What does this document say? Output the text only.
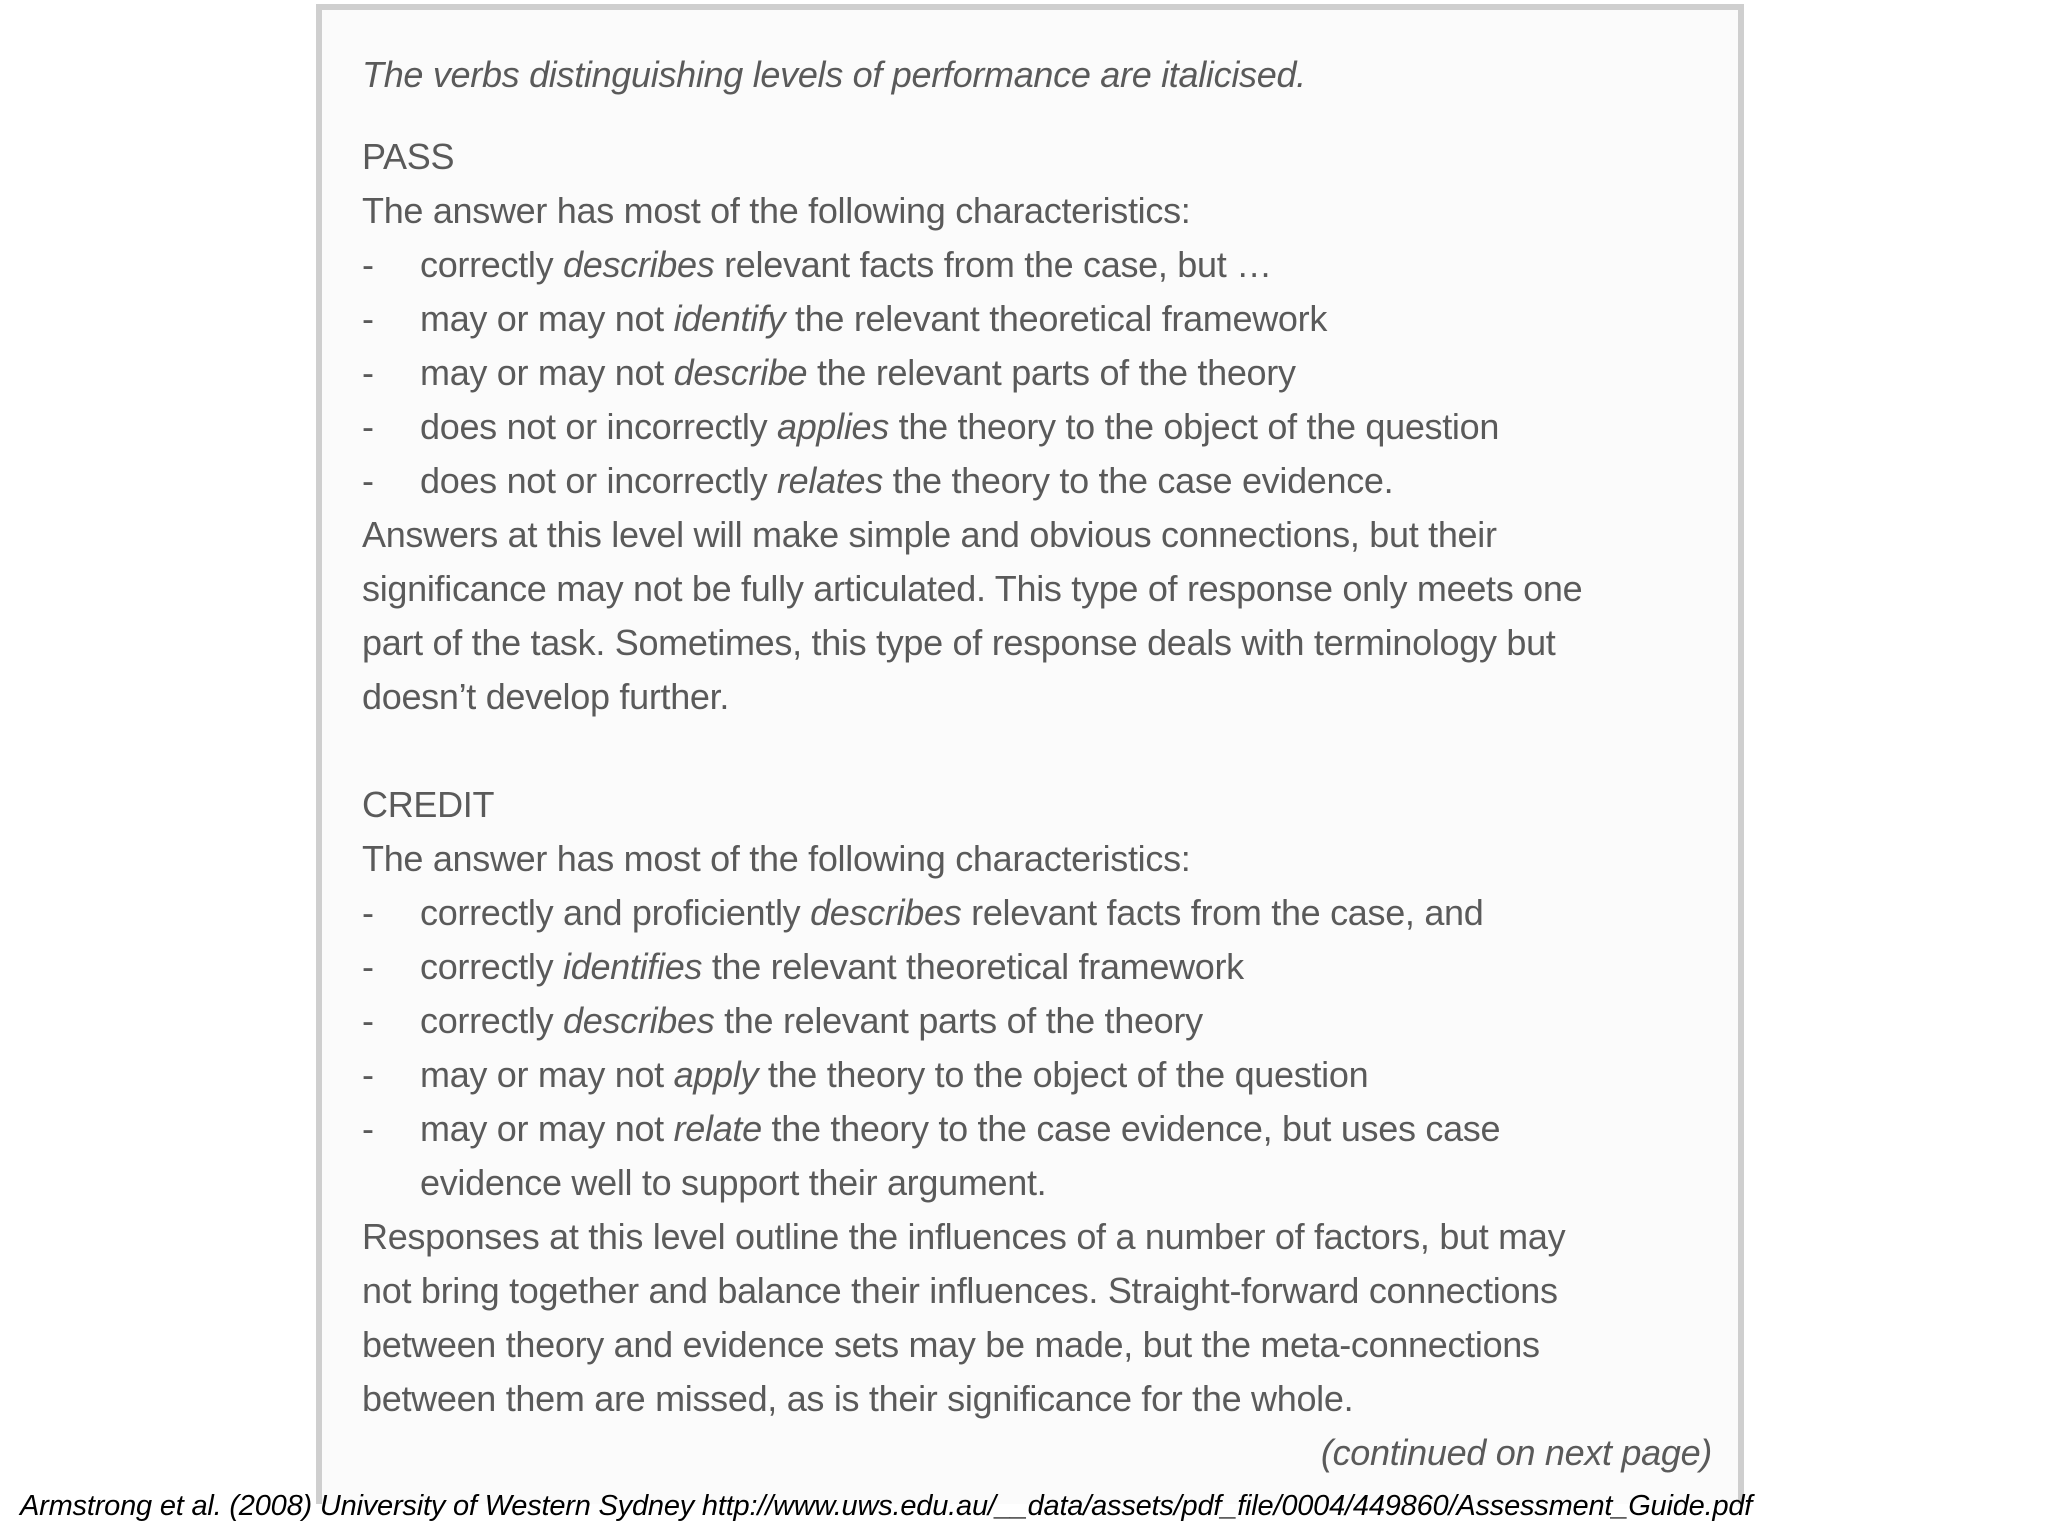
The verbs distinguishing levels of performance are italicised.
PASS
The answer has most of the following characteristics:
- correctly describes relevant facts from the case, but …
- may or may not identify the relevant theoretical framework
- may or may not describe the relevant parts of the theory
- does not or incorrectly applies the theory to the object of the question
- does not or incorrectly relates the theory to the case evidence.
Answers at this level will make simple and obvious connections, but their
significance may not be fully articulated. This type of response only meets one
part of the task. Sometimes, this type of response deals with terminology but
doesn’t develop further.
CREDIT
The answer has most of the following characteristics:
- correctly and proficiently describes relevant facts from the case, and
- correctly identifies the relevant theoretical framework
- correctly describes the relevant parts of the theory
- may or may not apply the theory to the object of the question
- may or may not relate the theory to the case evidence, but uses case
evidence well to support their argument.
Responses at this level outline the influences of a number of factors, but may
not bring together and balance their influences. Straight-forward connections
between theory and evidence sets may be made, but the meta-connections
between them are missed, as is their significance for the whole.
(continued on next page)
Armstrong et al. (2008) University of Western Sydney http://www.uws.edu.au/__data/assets/pdf_file/0004/449860/Assessment_Guide.pdf
